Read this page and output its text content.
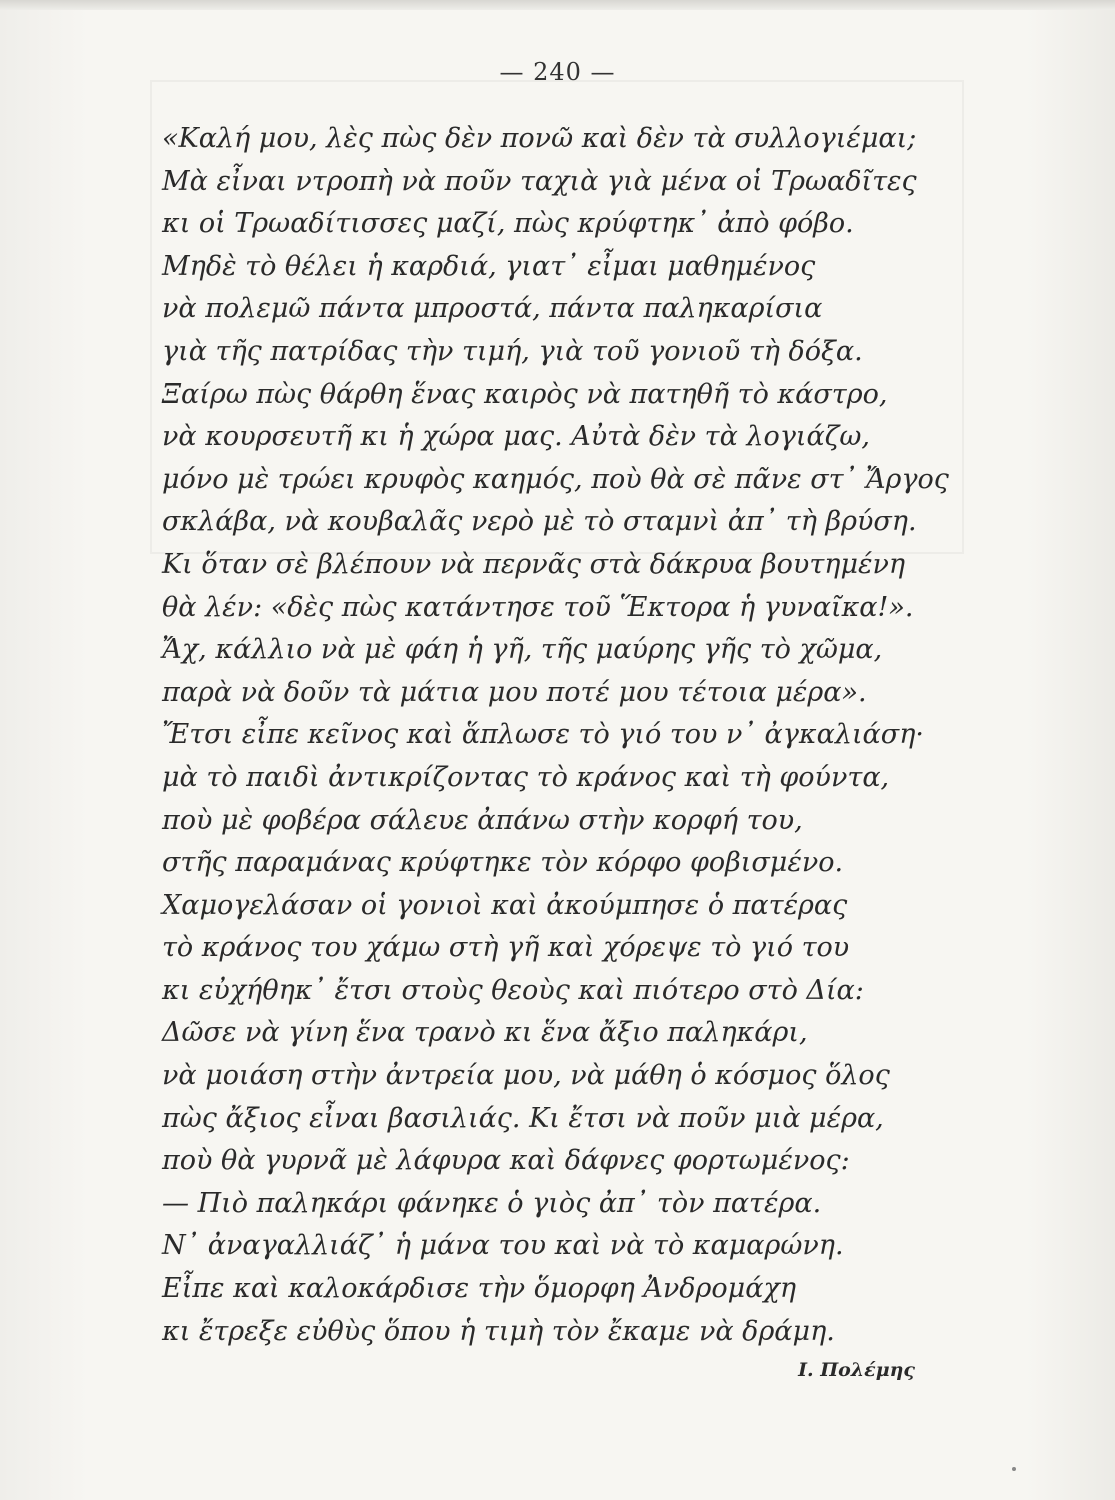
— 240 —
«Καλή μου, λὲς πὼς δὲν πονῶ καὶ δὲν τὰ συλλογιέμαι;
Μὰ εἶναι ντροπὴ νὰ ποῦν ταχιὰ γιὰ μένα οἱ Τρωαδῖτες
κι οἱ Τρωαδίτισσες μαζί, πὼς κρύφτηκ᾽ ἀπὸ φόβο.
Μηδὲ τὸ θέλει ἡ καρδιά, γιατ᾽ εἶμαι μαθημένος
νὰ πολεμῶ πάντα μπροστά, πάντα παληκαρίσια
γιὰ τῆς πατρίδας τὴν τιμή, γιὰ τοῦ γονιοῦ τὴ δόξα.
Ξαίρω πὼς θάρθη ἕνας καιρὸς νὰ πατηθῆ τὸ κάστρο,
νὰ κουρσευτῆ κι ἡ χώρα μας. Αὐτὰ δὲν τὰ λογιάζω,
μόνο μὲ τρώει κρυφὸς καημός, ποὺ θὰ σὲ πᾶνε στ᾽ Ἄργος
σκλάβα, νὰ κουβαλᾶς νερὸ μὲ τὸ σταμνὶ ἀπ᾽ τὴ βρύση.
Κι ὅταν σὲ βλέπουν νὰ περνᾶς στὰ δάκρυα βουτημένη
θὰ λέν: «δὲς πὼς κατάντησε τοῦ Ἕκτορα ἡ γυναῖκα!».
Ἄχ, κάλλιο νὰ μὲ φάη ἡ γῆ, τῆς μαύρης γῆς τὸ χῶμα,
παρὰ νὰ δοῦν τὰ μάτια μου ποτέ μου τέτοια μέρα».
Ἔτσι εἶπε κεῖνος καὶ ἅπλωσε τὸ γιό του ν᾽ ἀγκαλιάση·
μὰ τὸ παιδὶ ἀντικρίζοντας τὸ κράνος καὶ τὴ φούντα,
ποὺ μὲ φοβέρα σάλευε ἀπάνω στὴν κορφή του,
στῆς παραμάνας κρύφτηκε τὸν κόρφο φοβισμένο.
Χαμογελάσαν οἱ γονιοὶ καὶ ἀκούμπησε ὁ πατέρας
τὸ κράνος του χάμω στὴ γῆ καὶ χόρεψε τὸ γιό του
κι εὐχήθηκ᾽ ἔτσι στοὺς θεοὺς καὶ πιότερο στὸ Δία:
Δῶσε νὰ γίνη ἕνα τρανὸ κι ἕνα ἄξιο παληκάρι,
νὰ μοιάση στὴν ἀντρεία μου, νὰ μάθη ὁ κόσμος ὅλος
πὼς ἄξιος εἶναι βασιλιάς. Κι ἔτσι νὰ ποῦν μιὰ μέρα,
ποὺ θὰ γυρνᾶ μὲ λάφυρα καὶ δάφνες φορτωμένος:
— Πιὸ παληκάρι φάνηκε ὁ γιὸς ἀπ᾽ τὸν πατέρα.
Ν᾽ ἀναγαλλιάζ᾽ ἡ μάνα του καὶ νὰ τὸ καμαρώνη.
Εἶπε καὶ καλοκάρδισε τὴν ὅμορφη Ἀνδρομάχη
κι ἔτρεξε εὐθὺς ὅπου ἡ τιμὴ τὸν ἔκαμε νὰ δράμη.
Ι. Πολέμης
